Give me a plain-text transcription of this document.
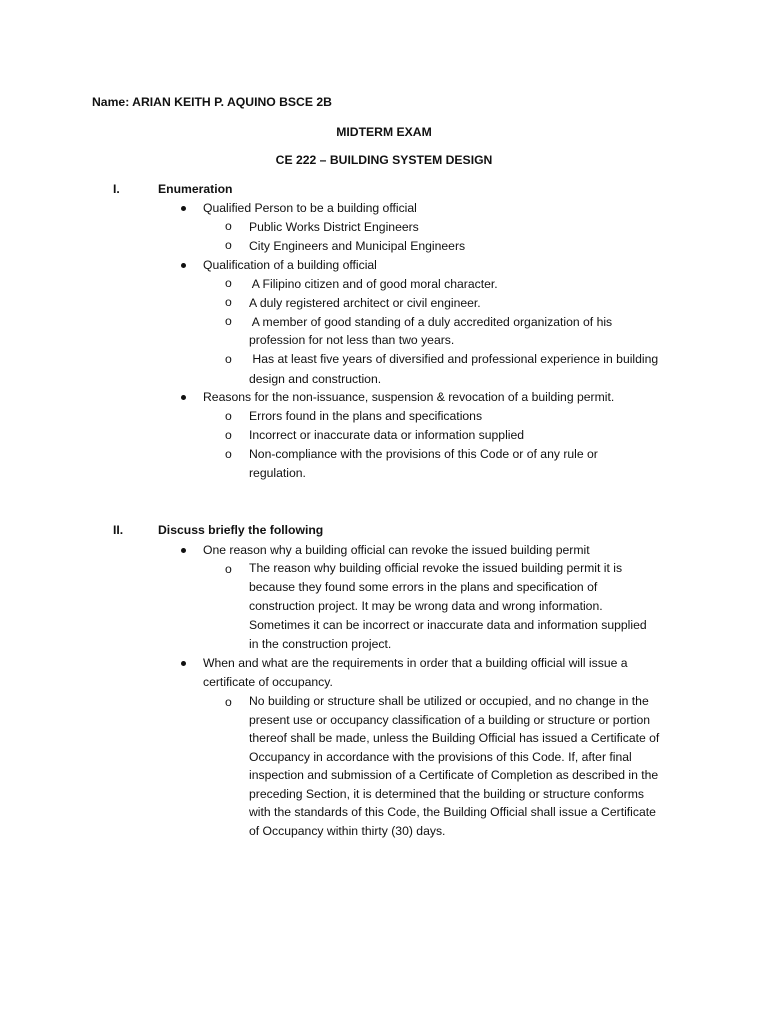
Name: ARIAN KEITH P. AQUINO BSCE 2B
MIDTERM EXAM
CE 222 – BUILDING SYSTEM DESIGN
I.	Enumeration
Qualified Person to be a building official
o Public Works District Engineers
o City Engineers and Municipal Engineers
Qualification of a building official
o A Filipino citizen and of good moral character.
o A duly registered architect or civil engineer.
o A member of good standing of a duly accredited organization of his
profession for not less than two years.
o Has at least five years of diversified and professional experience in building
design and construction.
Reasons for the non-issuance, suspension & revocation of a building permit.
o Errors found in the plans and specifications
o Incorrect or inaccurate data or information supplied
o Non-compliance with the provisions of this Code or of any rule or
regulation.
II.	Discuss briefly the following
One reason why a building official can revoke the issued building permit
o The reason why building official revoke the issued building permit it is
because they found some errors in the plans and specification of
construction project. It may be wrong data and wrong information.
Sometimes it can be incorrect or inaccurate data and information supplied
in the construction project.
When and what are the requirements in order that a building official will issue a
certificate of occupancy.
o No building or structure shall be utilized or occupied, and no change in the
present use or occupancy classification of a building or structure or portion
thereof shall be made, unless the Building Official has issued a Certificate of
Occupancy in accordance with the provisions of this Code. If, after final
inspection and submission of a Certificate of Completion as described in the
preceding Section, it is determined that the building or structure conforms
with the standards of this Code, the Building Official shall issue a Certificate
of Occupancy within thirty (30) days.
